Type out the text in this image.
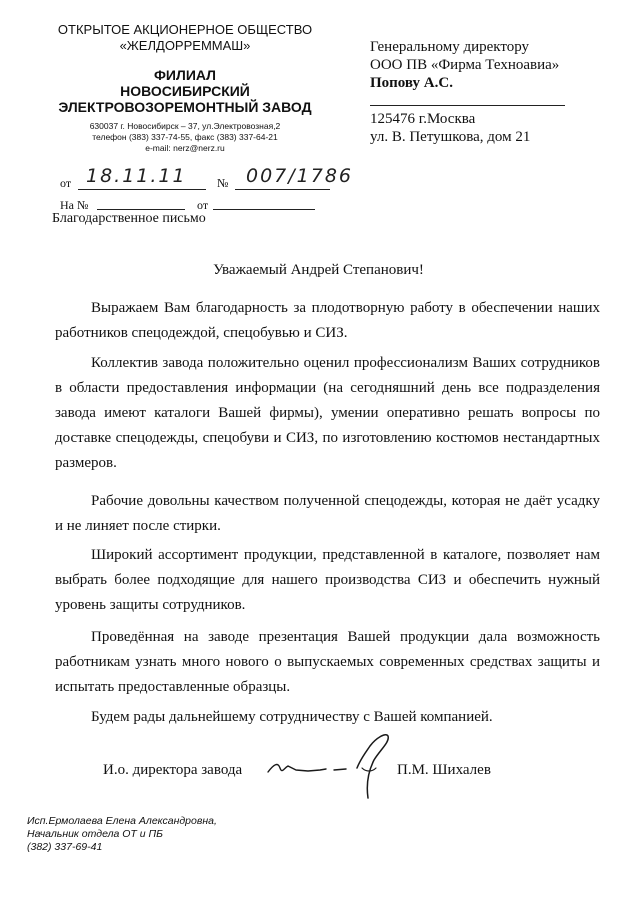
ОТКРЫТОЕ АКЦИОНЕРНОЕ ОБЩЕСТВО
«ЖЕЛДОРРЕММАШ»
ФИЛИАЛ
НОВОСИБИРСКИЙ
ЭЛЕКТРОВОЗОРЕМОНТНЫЙ ЗАВОД
630037 г. Новосибирск – 37, ул.Электровозная,2
телефон (383) 337-74-55, факс (383) 337-64-21
e-mail: nerz@nerz.ru
Генеральному директору
ООО ПВ «Фирма Техноавиа»
Попову А.С.
125476 г.Москва
ул. В. Петушкова, дом 21
от 18.11.11	№ 007/1786
На №	от
Благодарственное письмо
Уважаемый Андрей Степанович!
Выражаем Вам благодарность за плодотворную работу в обеспечении наших работников спецодеждой, спецобувью и СИЗ.
Коллектив завода положительно оценил профессионализм Ваших сотрудников в области предоставления информации (на сегодняшний день все подразделения завода имеют каталоги Вашей фирмы), умении оперативно решать вопросы по доставке спецодежды, спецобуви и СИЗ, по изготовлению костюмов нестандартных размеров.
Рабочие довольны качеством полученной спецодежды, которая не даёт усадку и не линяет после стирки.
Широкий ассортимент продукции, представленной в каталоге, позволяет нам выбрать более подходящие для нашего производства СИЗ и обеспечить нужный уровень защиты сотрудников.
Проведённая на заводе презентация Вашей продукции дала возможность работникам узнать много нового о выпускаемых современных средствах защиты и испытать предоставленные образцы.
Будем рады дальнейшему сотрудничеству с Вашей компанией.
И.о. директора завода	П.М. Шихалев
Исп.Ермолаева Елена Александровна,
Начальник отдела ОТ и ПБ
(382) 337-69-41
